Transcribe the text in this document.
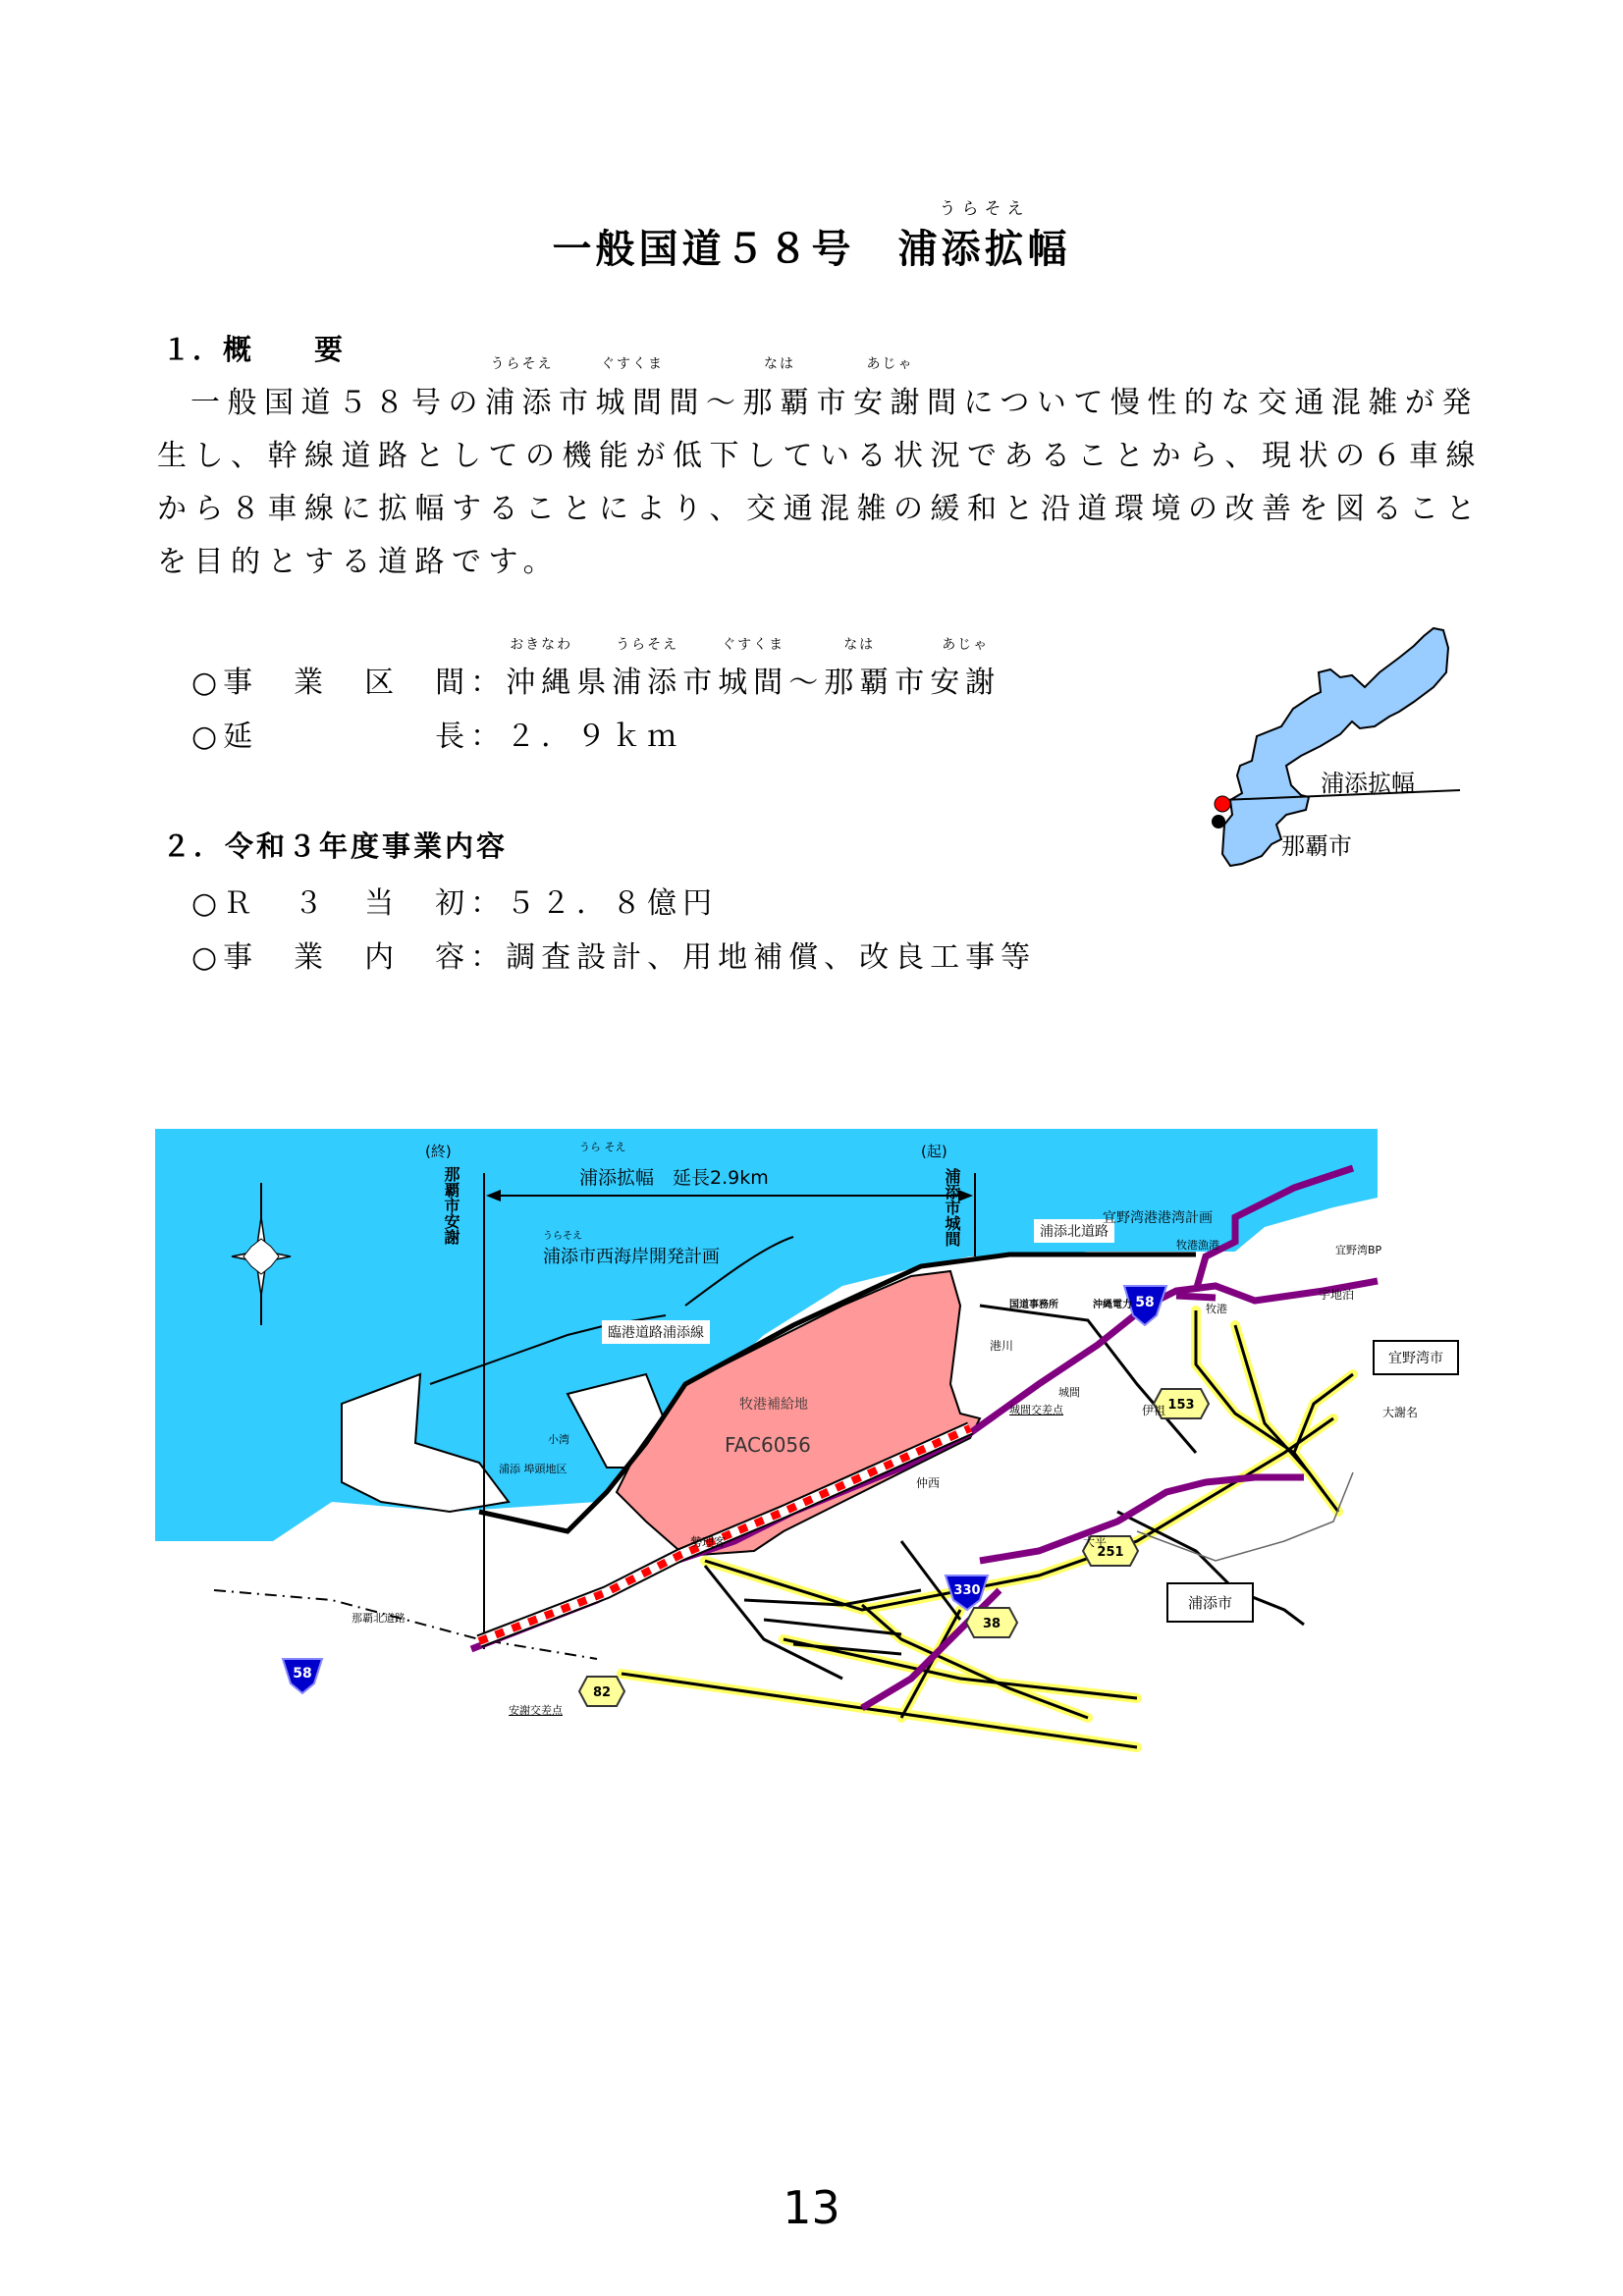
一般国道５８号　
うらそえ
浦添拡幅
１．概　　要

一般国道５８号の
うらそえ
浦添市
ぐすくま
城間間～
なは
那覇市
あじゃ
安謝間について慢性的な交通混雑が発

生し、幹線道路としての機能が低下している状況であることから、現状の６車線

から８車線に拡幅することにより、交通混雑の緩和と沿道環境の改善を図ること

を目的とする道路です。

○事　業　区　間：
おきなわ
沖縄県
うらそえ
浦添市
ぐすくま
城間～
なは
那覇市
あじゃ
安謝
○延　　　　　長：２．９ｋｍ
２．令和３年度事業内容
○Ｒ　３　当　初：５２．８億円
○事　業　内　容：調査設計、用地補償、改良工事等
浦添拡幅
那覇市
58
58
330
153
251
38
82
(終)
那覇市安謝
(起)
浦添市城間
うら そえ
浦添拡幅　延長2.9km
うらそえ
浦添市西海岸開発計画
臨港道路浦添線
浦添北道路
宜野湾港港湾計画
牧港漁港
牧港補給地
FAC6056
港川
城間
城間交差点	伊祖
仲西
勢理客	大平
大謝名
宇地泊
牧港
小湾
浦添 埠頭地区
宜野湾BP
那覇北道路
安謝交差点
国道事務所	沖縄電力
宜野湾市
浦添市
13
